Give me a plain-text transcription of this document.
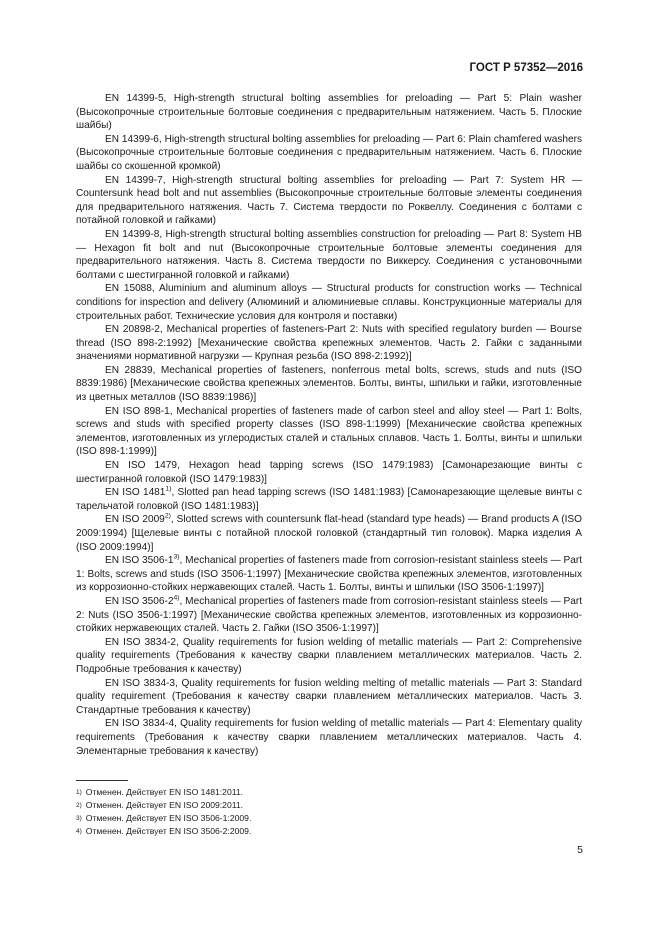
ГОСТ Р 57352—2016

EN 14399-5, High-strength structural bolting assemblies for preloading — Part 5: Plain washer (Высокопрочные строительные болтовые соединения с предварительным натяжением. Часть 5. Плоские шайбы)

EN 14399-6, High-strength structural bolting assemblies for preloading — Part 6: Plain chamfered washers (Высокопрочные строительные болтовые соединения с предварительным натяжением. Часть 6. Плоские шайбы со скошенной кромкой)

EN 14399-7, High-strength structural bolting assemblies for preloading — Part 7: System HR — Countersunk head bolt and nut assemblies (Высокопрочные строительные болтовые элементы соединения для предварительного натяжения. Часть 7. Система твердости по Роквеллу. Соединения с болтами с потайной головкой и гайками)

EN 14399-8, High-strength structural bolting assemblies construction for preloading — Part 8: System HB — Hexagon fit bolt and nut (Высокопрочные строительные болтовые элементы соединения для предварительного натяжения. Часть 8. Система твердости по Виккерсу. Соединения с установочными болтами с шестигранной головкой и гайками)

EN 15088, Aluminium and aluminum alloys — Structural products for construction works — Technical conditions for inspection and delivery (Алюминий и алюминиевые сплавы. Конструкционные материалы для строительных работ. Технические условия для контроля и поставки)

EN 20898-2, Mechanical properties of fasteners-Part 2: Nuts with specified regulatory burden — Bourse thread (ISO 898-2:1992) [Механические свойства крепежных элементов. Часть 2. Гайки с заданными значениями нормативной нагрузки — Крупная резьба (ISO 898-2:1992)]

EN 28839, Mechanical properties of fasteners, nonferrous metal bolts, screws, studs and nuts (ISO 8839:1986) [Механические свойства крепежных элементов. Болты, винты, шпильки и гайки, изготовленные из цветных металлов (ISO 8839:1986)]

EN ISO 898-1, Mechanical properties of fasteners made of carbon steel and alloy steel — Part 1: Bolts, screws and studs with specified property classes (ISO 898-1:1999) [Механические свойства крепежных элементов, изготовленных из углеродистых сталей и стальных сплавов. Часть 1. Болты, винты и шпильки (ISO 898-1:1999)]

EN ISO 1479, Hexagon head tapping screws (ISO 1479:1983) [Самонарезающие винты с шестигранной головкой (ISO 1479:1983)]

EN ISO 1481$^{1)}$, Slotted pan head tapping screws (ISO 1481:1983) [Самонарезающие щелевые винты с тарельчатой головкой (ISO 1481:1983)]

EN ISO 2009$^{2)}$, Slotted screws with countersunk flat-head (standard type heads) — Brand products A (ISO 2009:1994) [Щелевые винты с потайной плоской головкой (стандартный тип головок). Марка изделия А (ISO 2009:1994)]

EN ISO 3506-1$^{3)}$, Mechanical properties of fasteners made from corrosion-resistant stainless steels — Part 1: Bolts, screws and studs (ISO 3506-1:1997) [Механические свойства крепежных элементов, изготовленных из коррозионно-стойких нержавеющих сталей. Часть 1. Болты, винты и шпильки (ISO 3506-1:1997)]

EN ISO 3506-2$^{4)}$, Mechanical properties of fasteners made from corrosion-resistant stainless steels — Part 2: Nuts (ISO 3506-1:1997) [Механические свойства крепежных элементов, изготовленных из коррозионно-стойких нержавеющих сталей. Часть 2. Гайки (ISO 3506-1:1997)]

EN ISO 3834-2, Quality requirements for fusion welding of metallic materials — Part 2: Comprehensive quality requirements (Требования к качеству сварки плавлением металлических материалов. Часть 2. Подробные требования к качеству)

EN ISO 3834-3, Quality requirements for fusion welding melting of metallic materials — Part 3: Standard quality requirement (Требования к качеству сварки плавлением металлических материалов. Часть 3. Стандартные требования к качеству)

EN ISO 3834-4, Quality requirements for fusion welding of metallic materials — Part 4: Elementary quality requirements (Требования к качеству сварки плавлением металлических материалов. Часть 4. Элементарные требования к качеству)

1) Отменен. Действует EN ISO 1481:2011.
2) Отменен. Действует EN ISO 2009:2011.
3) Отменен. Действует EN ISO 3506-1:2009.
4) Отменен. Действует EN ISO 3506-2:2009.
5
